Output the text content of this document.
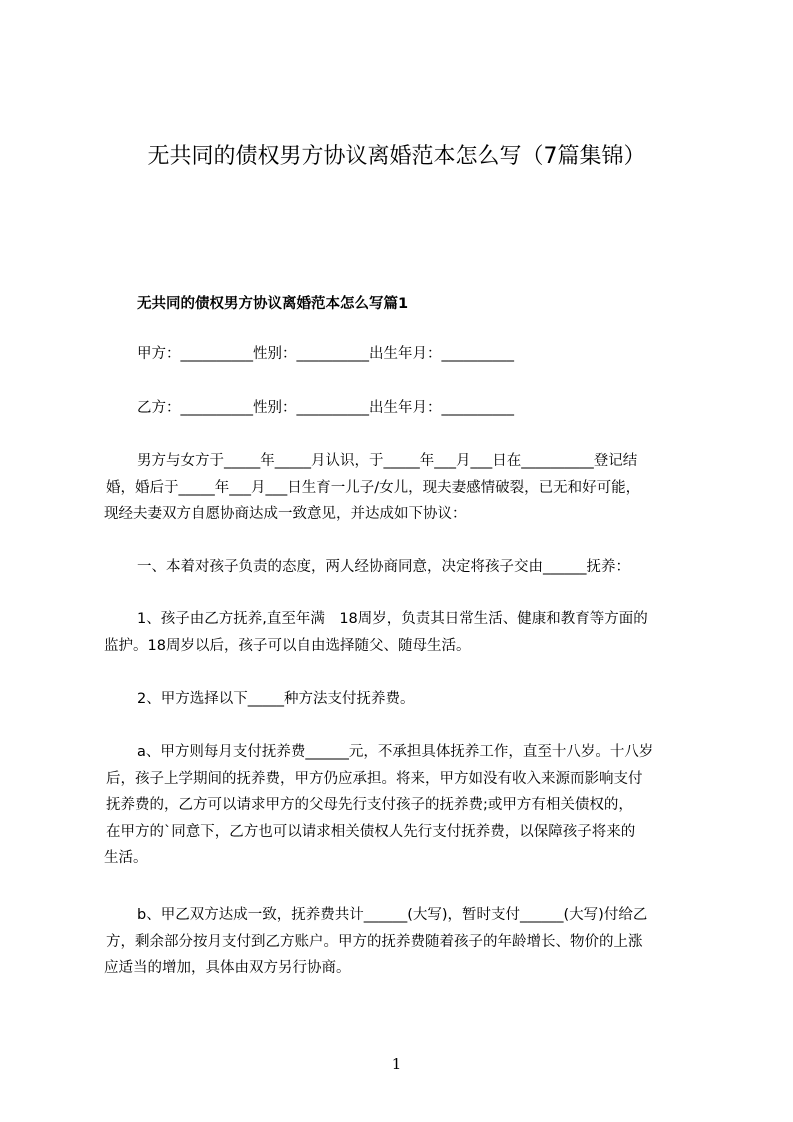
无共同的债权男方协议离婚范本怎么写（7篇集锦）
无共同的债权男方协议离婚范本怎么写篇1
甲方：__________性别：__________出生年月：__________
乙方：__________性别：__________出生年月：__________
男方与女方于_____年_____月认识，于_____年___月___日在__________登记结
婚，婚后于_____年___月___日生育一儿子/女儿，现夫妻感情破裂，已无和好可能，
现经夫妻双方自愿协商达成一致意见，并达成如下协议：
一、本着对孩子负责的态度，两人经协商同意，决定将孩子交由______抚养：
1、孩子由乙方抚养,直至年满　18周岁，负责其日常生活、健康和教育等方面的
监护。18周岁以后，孩子可以自由选择随父、随母生活。
2、甲方选择以下_____种方法支付抚养费。
a、甲方则每月支付抚养费______元，不承担具体抚养工作，直至十八岁。十八岁
后，孩子上学期间的抚养费，甲方仍应承担。将来，甲方如没有收入来源而影响支付
抚养费的，乙方可以请求甲方的父母先行支付孩子的抚养费;或甲方有相关债权的，
在甲方的`同意下，乙方也可以请求相关债权人先行支付抚养费，以保障孩子将来的
生活。
b、甲乙双方达成一致，抚养费共计______(大写)，暂时支付______(大写)付给乙
方，剩余部分按月支付到乙方账户。甲方的抚养费随着孩子的年龄增长、物价的上涨
应适当的增加，具体由双方另行协商。
1
